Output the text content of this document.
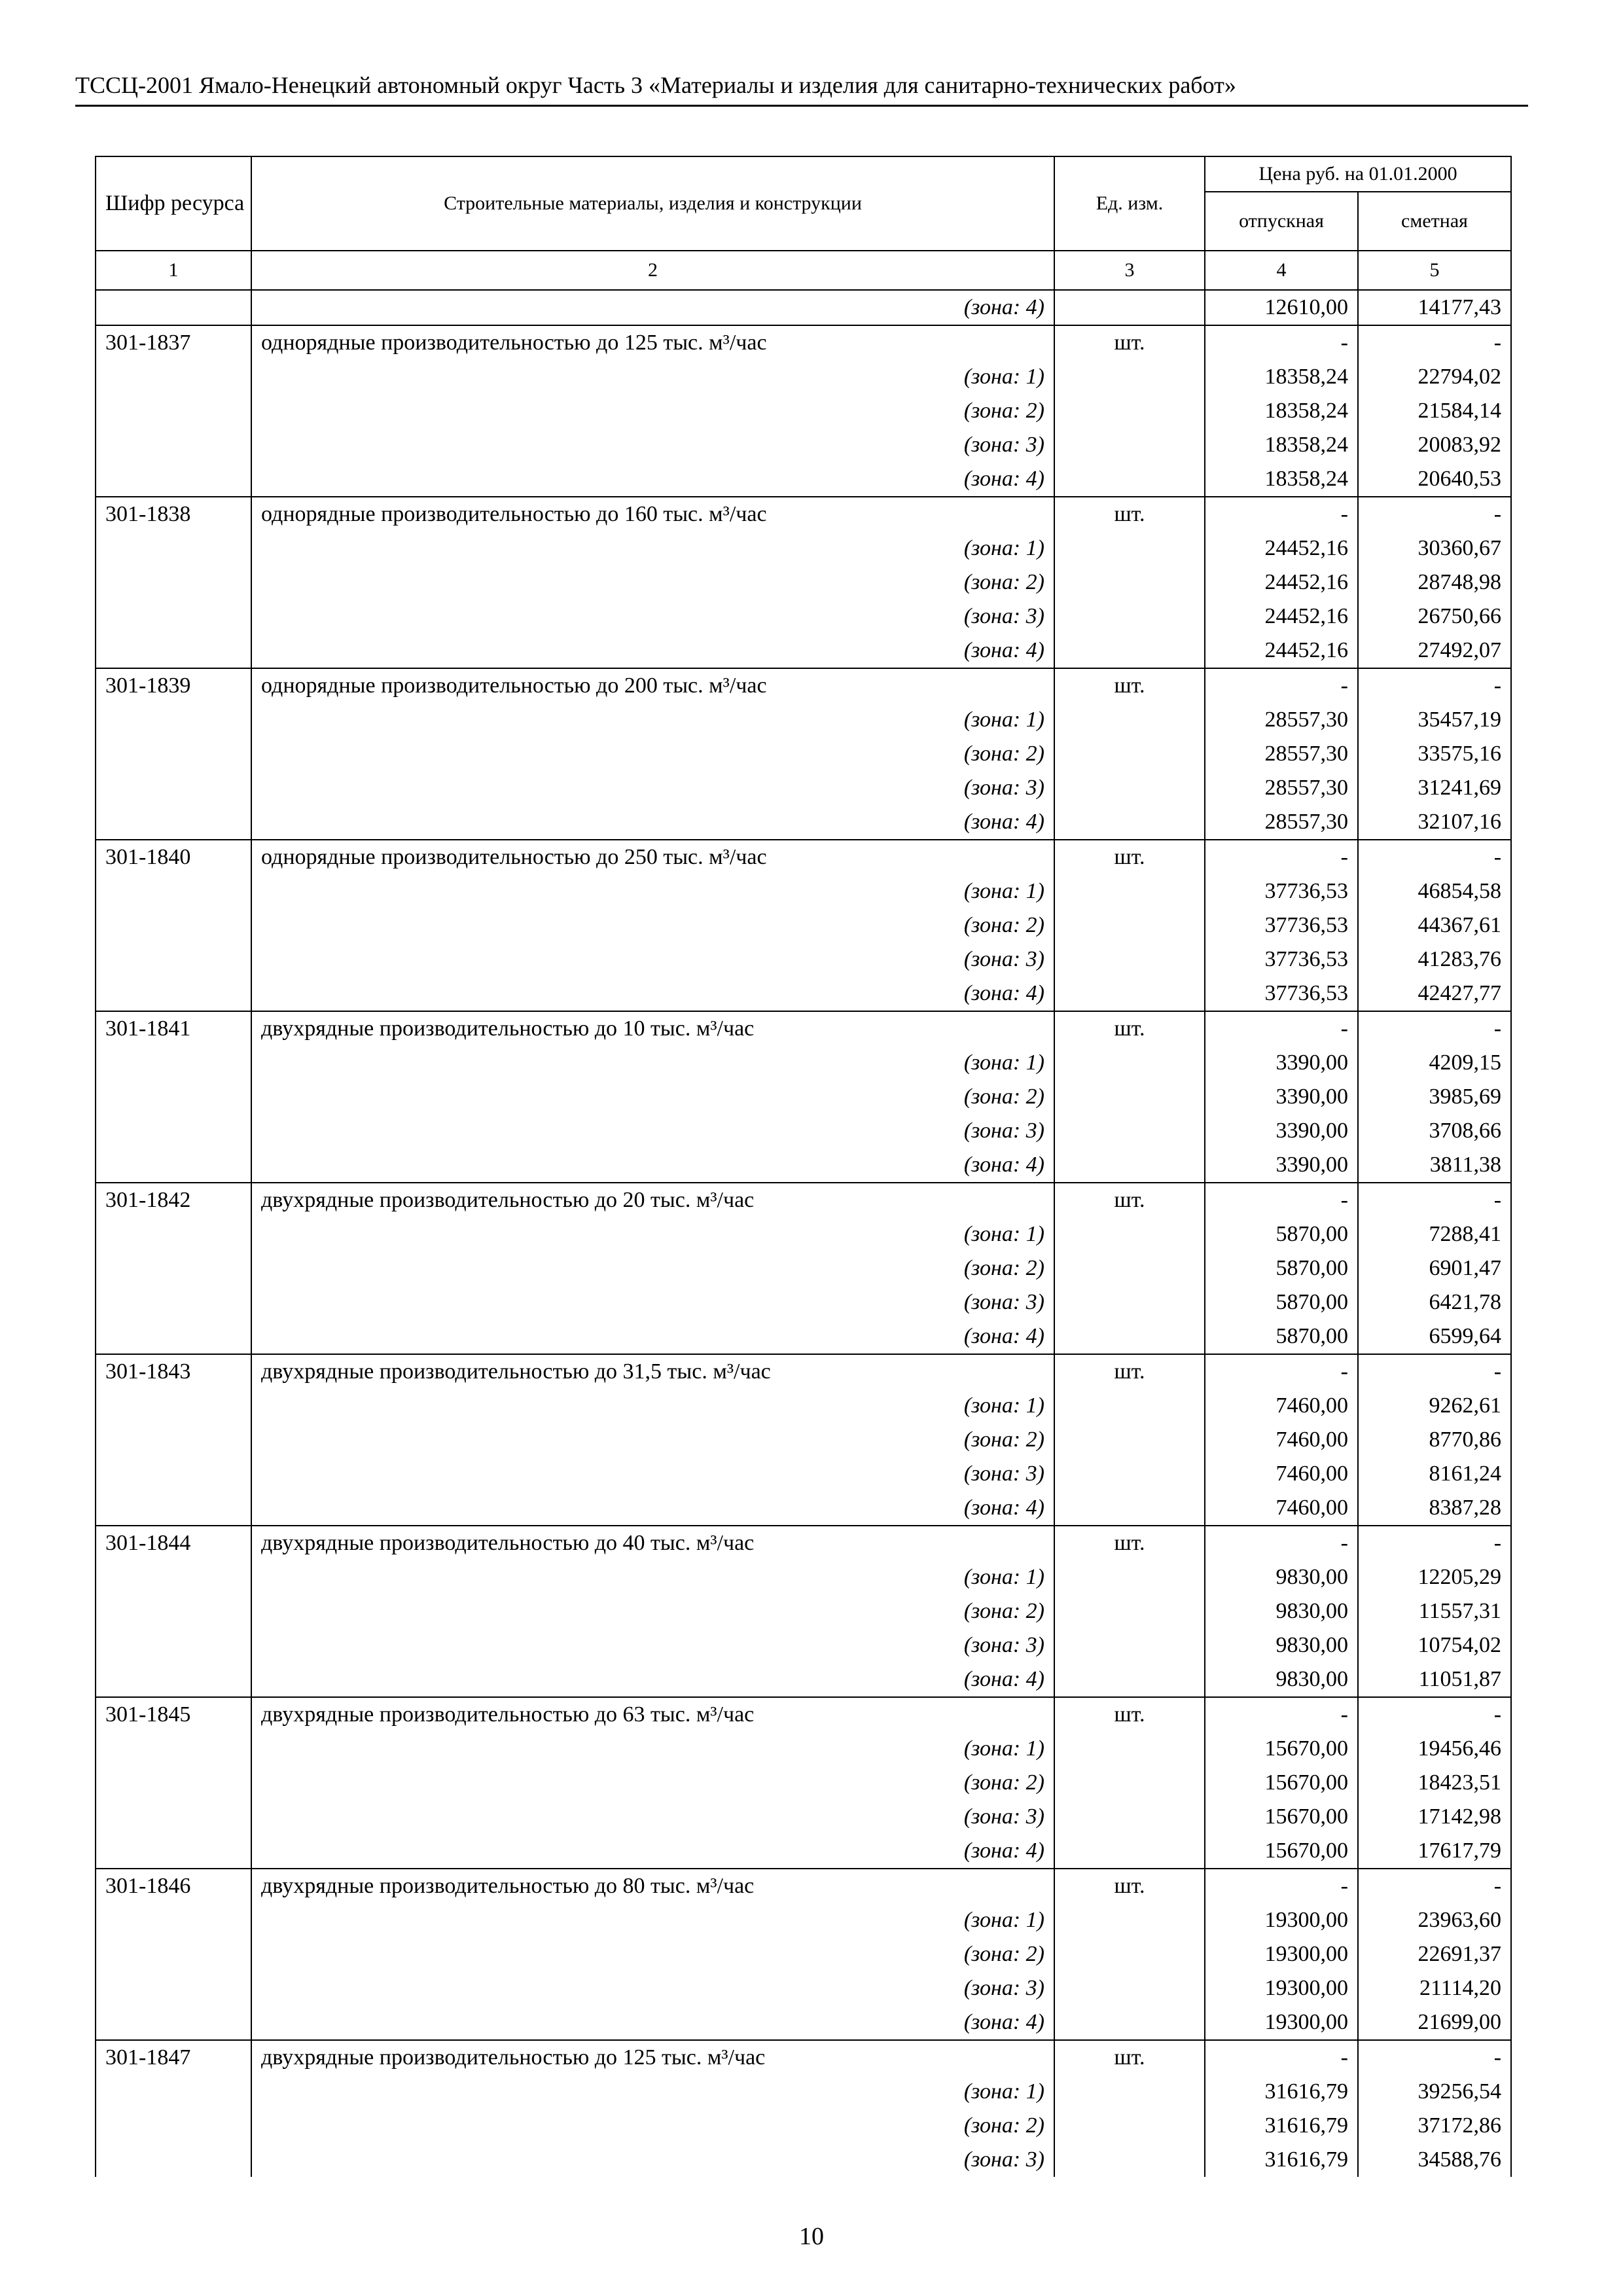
ТССЦ-2001 Ямало-Ненецкий автономный округ Часть 3 «Материалы и изделия для санитарно-технических работ»
Шифр ресурса	Строительные материалы, изделия и конструкции	Ед. изм.	Цена руб. на 01.01.2000	
			отпускная	сметная
1	2	3	4	5
	(зона: 4)		12610,00	14177,43
301-1837	однорядные производительностью до 125 тыс. м³/час	шт.	-	-
	(зона: 1)		18358,24	22794,02
	(зона: 2)		18358,24	21584,14
	(зона: 3)		18358,24	20083,92
	(зона: 4)		18358,24	20640,53
301-1838	однорядные производительностью до 160 тыс. м³/час	шт.	-	-
	(зона: 1)		24452,16	30360,67
	(зона: 2)		24452,16	28748,98
	(зона: 3)		24452,16	26750,66
	(зона: 4)		24452,16	27492,07
301-1839	однорядные производительностью до 200 тыс. м³/час	шт.	-	-
	(зона: 1)		28557,30	35457,19
	(зона: 2)		28557,30	33575,16
	(зона: 3)		28557,30	31241,69
	(зона: 4)		28557,30	32107,16
301-1840	однорядные производительностью до 250 тыс. м³/час	шт.	-	-
	(зона: 1)		37736,53	46854,58
	(зона: 2)		37736,53	44367,61
	(зона: 3)		37736,53	41283,76
	(зона: 4)		37736,53	42427,77
301-1841	двухрядные производительностью до 10 тыс. м³/час	шт.	-	-
	(зона: 1)		3390,00	4209,15
	(зона: 2)		3390,00	3985,69
	(зона: 3)		3390,00	3708,66
	(зона: 4)		3390,00	3811,38
301-1842	двухрядные производительностью до 20 тыс. м³/час	шт.	-	-
	(зона: 1)		5870,00	7288,41
	(зона: 2)		5870,00	6901,47
	(зона: 3)		5870,00	6421,78
	(зона: 4)		5870,00	6599,64
301-1843	двухрядные производительностью до 31,5 тыс. м³/час	шт.	-	-
	(зона: 1)		7460,00	9262,61
	(зона: 2)		7460,00	8770,86
	(зона: 3)		7460,00	8161,24
	(зона: 4)		7460,00	8387,28
301-1844	двухрядные производительностью до 40 тыс. м³/час	шт.	-	-
	(зона: 1)		9830,00	12205,29
	(зона: 2)		9830,00	11557,31
	(зона: 3)		9830,00	10754,02
	(зона: 4)		9830,00	11051,87
301-1845	двухрядные производительностью до 63 тыс. м³/час	шт.	-	-
	(зона: 1)		15670,00	19456,46
	(зона: 2)		15670,00	18423,51
	(зона: 3)		15670,00	17142,98
	(зона: 4)		15670,00	17617,79
301-1846	двухрядные производительностью до 80 тыс. м³/час	шт.	-	-
	(зона: 1)		19300,00	23963,60
	(зона: 2)		19300,00	22691,37
	(зона: 3)		19300,00	21114,20
	(зона: 4)		19300,00	21699,00
301-1847	двухрядные производительностью до 125 тыс. м³/час	шт.	-	-
	(зона: 1)		31616,79	39256,54
	(зона: 2)		31616,79	37172,86
	(зона: 3)		31616,79	34588,76
10
